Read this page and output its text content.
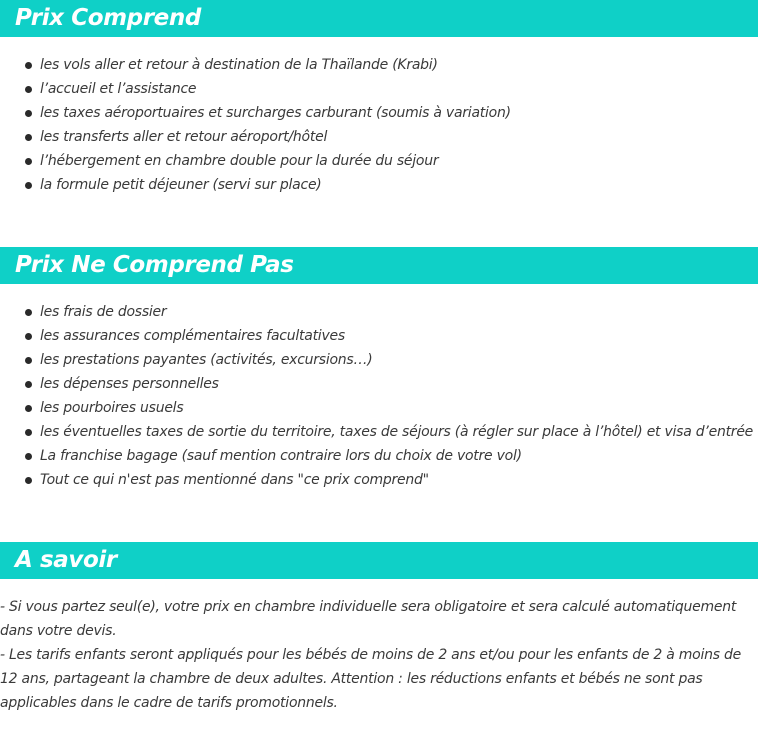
Prix Comprend
les vols aller et retour à destination de la Thaïlande (Krabi)
l’accueil et l’assistance
les taxes aéroportuaires et surcharges carburant (soumis à variation)
les transferts aller et retour aéroport/hôtel
l’hébergement en chambre double pour la durée du séjour
la formule petit déjeuner (servi sur place)
Prix Ne Comprend Pas
les frais de dossier
les assurances complémentaires facultatives
les prestations payantes (activités, excursions…)
les dépenses personnelles
les pourboires usuels
les éventuelles taxes de sortie du territoire, taxes de séjours (à régler sur place à l’hôtel) et visa d’entrée
La franchise bagage (sauf mention contraire lors du choix de votre vol)
Tout ce qui n'est pas mentionné dans "ce prix comprend"
A savoir

- Si vous partez seul(e), votre prix en chambre individuelle sera obligatoire et sera calculé automatiquement dans votre devis.

- Les tarifs enfants seront appliqués pour les bébés de moins de 2 ans et/ou pour les enfants de 2 à moins de 12 ans, partageant la chambre de deux adultes. Attention : les réductions enfants et bébés ne sont pas applicables dans le cadre de tarifs promotionnels.
